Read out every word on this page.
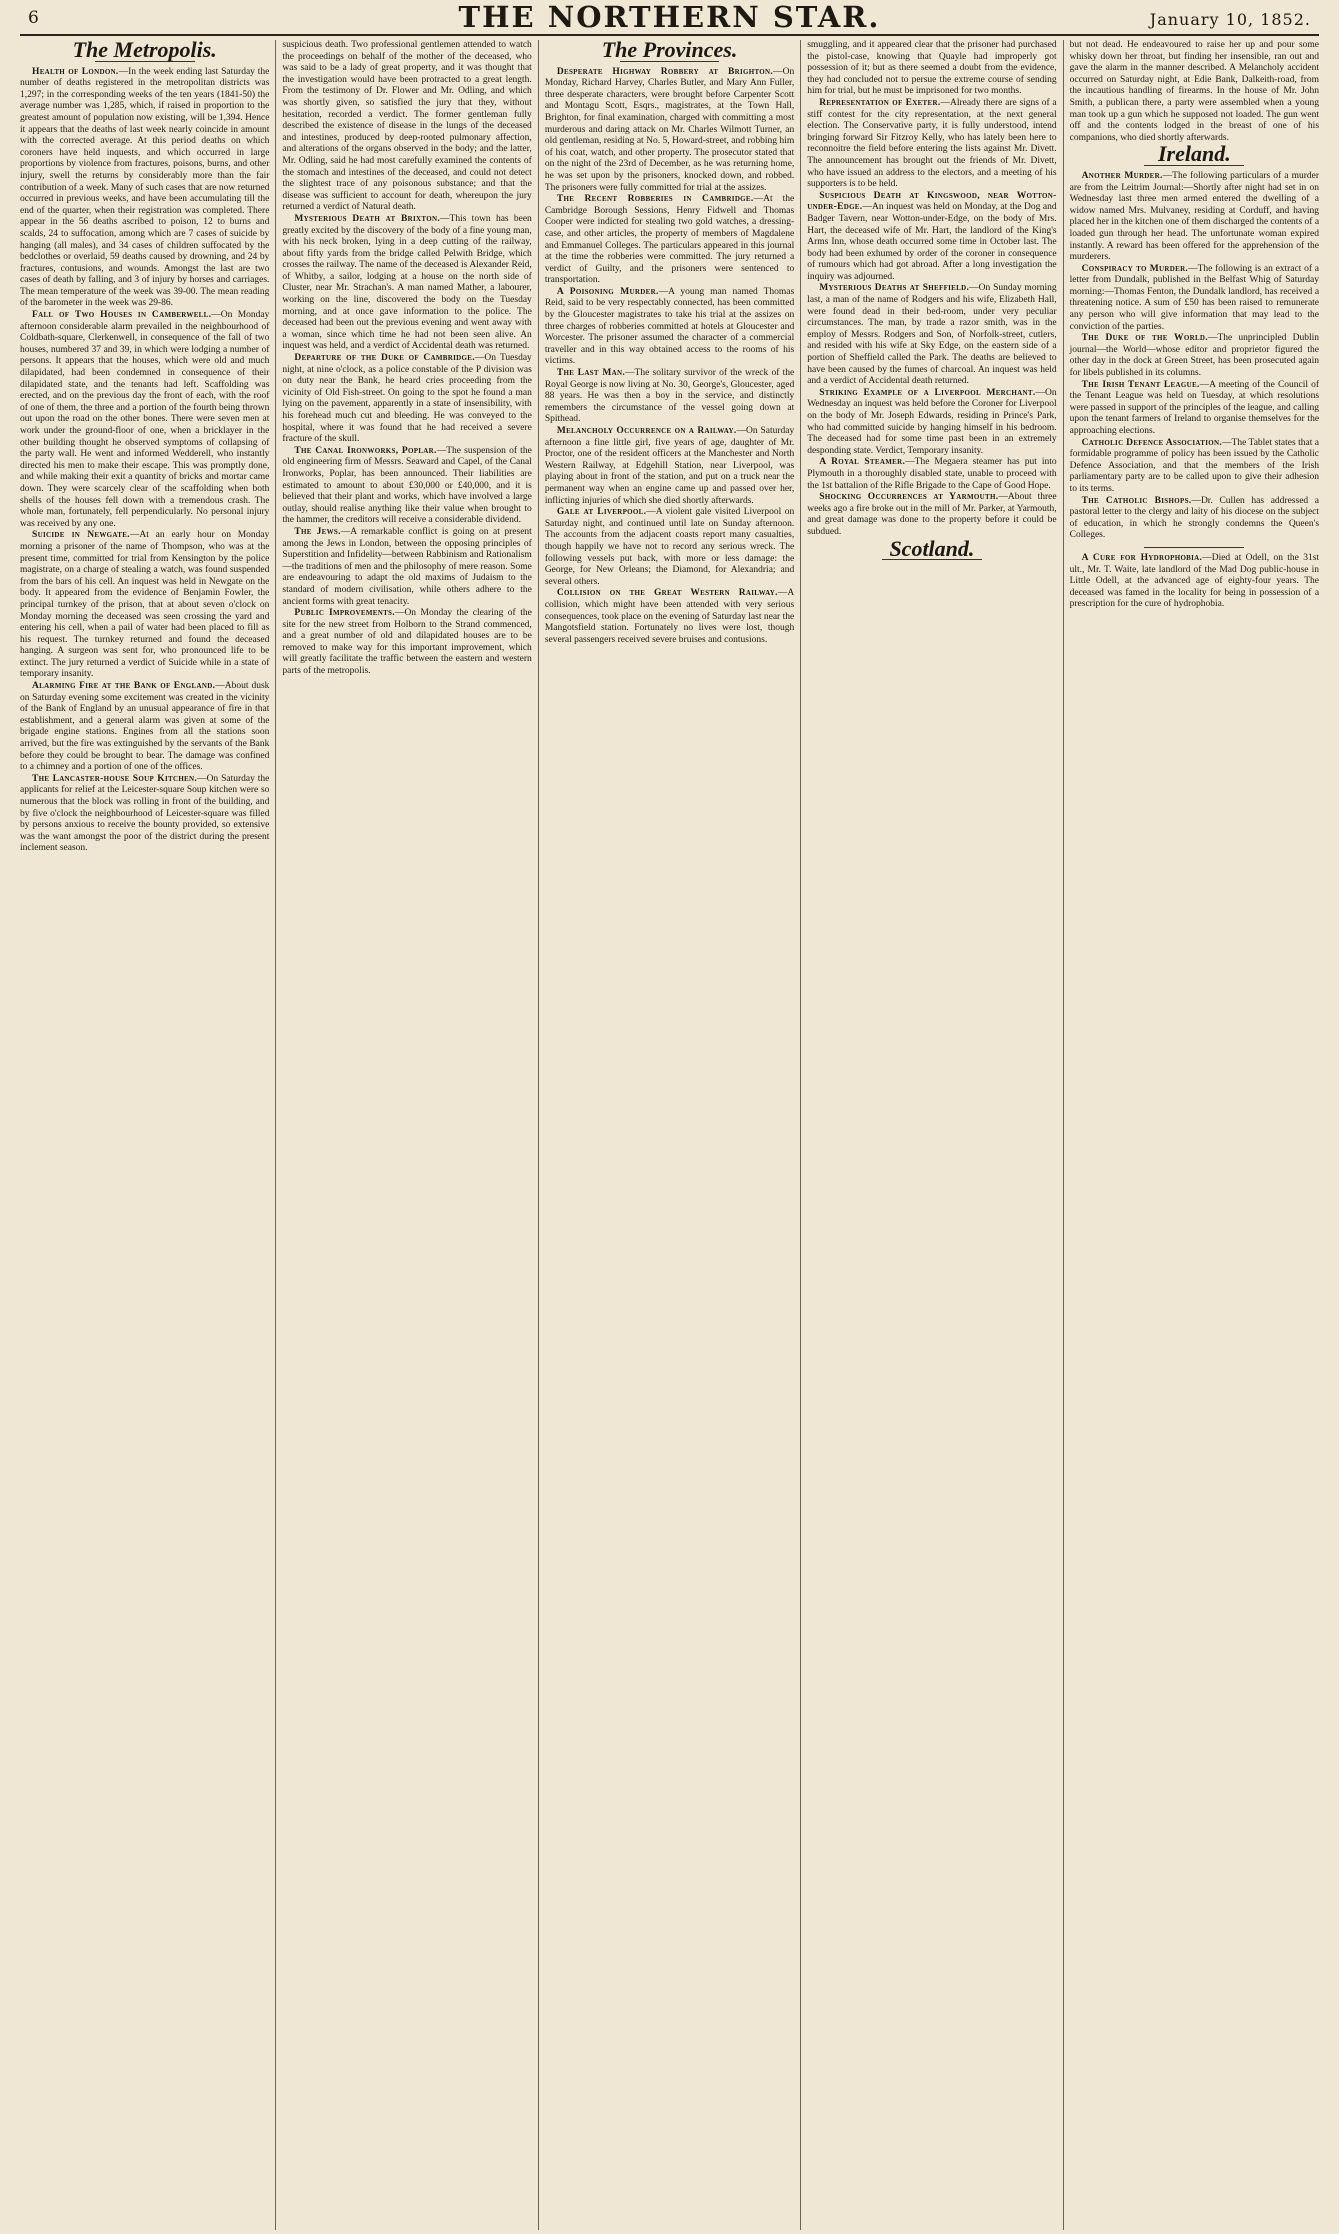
6	THE NORTHERN STAR.	January 10, 1852.
The Metropolis.

Health of London.—In the week ending last Saturday the number of deaths registered in the metropolitan districts was 1,297; in the corresponding weeks of the ten years (1841-50) the average number was 1,285, which, if raised in proportion to the greatest amount of population now existing, will be 1,394. Hence it appears that the deaths of last week nearly coincide in amount with the corrected average. At this period deaths on which coroners have held inquests, and which occurred in large proportions by violence from fractures, poisons, burns, and other injury, swell the returns by considerably more than the fair contribution of a week. Many of such cases that are now returned occurred in previous weeks, and have been accumulating till the end of the quarter, when their registration was completed. There appear in the 56 deaths ascribed to poison, 12 to burns and scalds, 24 to suffocation, among which are 7 cases of suicide by hanging (all males), and 34 cases of children suffocated by the bedclothes or overlaid, 59 deaths caused by drowning, and 24 by fractures, contusions, and wounds. Amongst the last are two cases of death by falling, and 3 of injury by horses and carriages. The mean temperature of the week was 39-00. The mean reading of the barometer in the week was 29-86.

Fall of Two Houses in Camberwell.—On Monday afternoon considerable alarm prevailed in the neighbourhood of Coldbath-square, Clerkenwell, in consequence of the fall of two houses, numbered 37 and 39, in which were lodging a number of persons. It appears that the houses, which were old and much dilapidated, had been condemned in consequence of their dilapidated state, and the tenants had left. Scaffolding was erected, and on the previous day the front of each, with the roof of one of them, the three and a portion of the fourth being thrown out upon the road on the other bones. There were seven men at work under the ground-floor of one, when a bricklayer in the other building thought he observed symptoms of collapsing of the party wall. He went and informed Wedderell, who instantly directed his men to make their escape. This was promptly done, and while making their exit a quantity of bricks and mortar came down. They were scarcely clear of the scaffolding when both shells of the houses fell down with a tremendous crash. The whole man, fortunately, fell perpendicularly. No personal injury was received by any one.

Suicide in Newgate.—At an early hour on Monday morning a prisoner of the name of Thompson, who was at the present time, committed for trial from Kensington by the police magistrate, on a charge of stealing a watch, was found suspended from the bars of his cell. An inquest was held in Newgate on the body. It appeared from the evidence of Benjamin Fowler, the principal turnkey of the prison, that at about seven o'clock on Monday morning the deceased was seen crossing the yard and entering his cell, when a pail of water had been placed to fill as his request. The turnkey returned and found the deceased hanging. A surgeon was sent for, who pronounced life to be extinct. The jury returned a verdict of Suicide while in a state of temporary insanity.

Alarming Fire at the Bank of England.—About dusk on Saturday evening some excitement was created in the vicinity of the Bank of England by an unusual appearance of fire in that establishment, and a general alarm was given at some of the brigade engine stations. Engines from all the stations soon arrived, but the fire was extinguished by the servants of the Bank before they could be brought to bear. The damage was confined to a chimney and a portion of one of the offices.

The Lancaster-house Soup Kitchen.—On Saturday the applicants for relief at the Leicester-square Soup kitchen were so numerous that the block was rolling in front of the building, and by five o'clock the neighbourhood of Leicester-square was filled by persons anxious to receive the bounty provided, so extensive was the want amongst the poor of the district during the present inclement season.

suspicious death. Two professional gentlemen attended to watch the proceedings on behalf of the mother of the deceased, who was said to be a lady of great property, and it was thought that the investigation would have been protracted to a great length. From the testimony of Dr. Flower and Mr. Odling, and which was shortly given, so satisfied the jury that they, without hesitation, recorded a verdict. The former gentleman fully described the existence of disease in the lungs of the deceased and intestines, produced by deep-rooted pulmonary affection, and alterations of the organs observed in the body; and the latter, Mr. Odling, said he had most carefully examined the contents of the stomach and intestines of the deceased, and could not detect the slightest trace of any poisonous substance; and that the disease was sufficient to account for death, whereupon the jury returned a verdict of Natural death.

Mysterious Death at Brixton.—This town has been greatly excited by the discovery of the body of a fine young man, with his neck broken, lying in a deep cutting of the railway, about fifty yards from the bridge called Pelwith Bridge, which crosses the railway. The name of the deceased is Alexander Reid, of Whitby, a sailor, lodging at a house on the north side of Cluster, near Mr. Strachan's. A man named Mather, a labourer, working on the line, discovered the body on the Tuesday morning, and at once gave information to the police. The deceased had been out the previous evening and went away with a woman, since which time he had not been seen alive. An inquest was held, and a verdict of Accidental death was returned.

Departure of the Duke of Cambridge.—On Tuesday night, at nine o'clock, as a police constable of the P division was on duty near the Bank, he heard cries proceeding from the vicinity of Old Fish-street. On going to the spot he found a man lying on the pavement, apparently in a state of insensibility, with his forehead much cut and bleeding. He was conveyed to the hospital, where it was found that he had received a severe fracture of the skull.

The Canal Ironworks, Poplar.—The suspension of the old engineering firm of Messrs. Seaward and Capel, of the Canal Ironworks, Poplar, has been announced. Their liabilities are estimated to amount to about £30,000 or £40,000, and it is believed that their plant and works, which have involved a large outlay, should realise anything like their value when brought to the hammer, the creditors will receive a considerable dividend.

The Jews.—A remarkable conflict is going on at present among the Jews in London, between the opposing principles of Superstition and Infidelity—between Rabbinism and Rationalism—the traditions of men and the philosophy of mere reason. Some are endeavouring to adapt the old maxims of Judaism to the standard of modern civilisation, while others adhere to the ancient forms with great tenacity.

Public Improvements.—On Monday the clearing of the site for the new street from Holborn to the Strand commenced, and a great number of old and dilapidated houses are to be removed to make way for this important improvement, which will greatly facilitate the traffic between the eastern and western parts of the metropolis.

The Provinces.

Desperate Highway Robbery at Brighton.—On Monday, Richard Harvey, Charles Butler, and Mary Ann Fuller, three desperate characters, were brought before Carpenter Scott and Montagu Scott, Esqrs., magistrates, at the Town Hall, Brighton, for final examination, charged with committing a most murderous and daring attack on Mr. Charles Wilmott Turner, an old gentleman, residing at No. 5, Howard-street, and robbing him of his coat, watch, and other property. The prosecutor stated that on the night of the 23rd of December, as he was returning home, he was set upon by the prisoners, knocked down, and robbed. The prisoners were fully committed for trial at the assizes.

The Recent Robberies in Cambridge.—At the Cambridge Borough Sessions, Henry Fidwell and Thomas Cooper were indicted for stealing two gold watches, a dressing-case, and other articles, the property of members of Magdalene and Emmanuel Colleges. The particulars appeared in this journal at the time the robberies were committed. The jury returned a verdict of Guilty, and the prisoners were sentenced to transportation.

A Poisoning Murder.—A young man named Thomas Reid, said to be very respectably connected, has been committed by the Gloucester magistrates to take his trial at the assizes on three charges of robberies committed at hotels at Gloucester and Worcester. The prisoner assumed the character of a commercial traveller and in this way obtained access to the rooms of his victims.

The Last Man.—The solitary survivor of the wreck of the Royal George is now living at No. 30, George's, Gloucester, aged 88 years. He was then a boy in the service, and distinctly remembers the circumstance of the vessel going down at Spithead.

Melancholy Occurrence on a Railway.—On Saturday afternoon a fine little girl, five years of age, daughter of Mr. Proctor, one of the resident officers at the Manchester and North Western Railway, at Edgehill Station, near Liverpool, was playing about in front of the station, and put on a truck near the permanent way when an engine came up and passed over her, inflicting injuries of which she died shortly afterwards.

Gale at Liverpool.—A violent gale visited Liverpool on Saturday night, and continued until late on Sunday afternoon. The accounts from the adjacent coasts report many casualties, though happily we have not to record any serious wreck. The following vessels put back, with more or less damage: the George, for New Orleans; the Diamond, for Alexandria; and several others.

Collision on the Great Western Railway.—A collision, which might have been attended with very serious consequences, took place on the evening of Saturday last near the Mangotsfield station. Fortunately no lives were lost, though several passengers received severe bruises and contusions.

smuggling, and it appeared clear that the prisoner had purchased the pistol-case, knowing that Quayle had improperly got possession of it; but as there seemed a doubt from the evidence, they had concluded not to persue the extreme course of sending him for trial, but he must be imprisoned for two months.

Representation of Exeter.—Already there are signs of a stiff contest for the city representation, at the next general election. The Conservative party, it is fully understood, intend bringing forward Sir Fitzroy Kelly, who has lately been here to reconnoitre the field before entering the lists against Mr. Divett. The announcement has brought out the friends of Mr. Divett, who have issued an address to the electors, and a meeting of his supporters is to be held.

Suspicious Death at Kingswood, near Wotton-under-Edge.—An inquest was held on Monday, at the Dog and Badger Tavern, near Wotton-under-Edge, on the body of Mrs. Hart, the deceased wife of Mr. Hart, the landlord of the King's Arms Inn, whose death occurred some time in October last. The body had been exhumed by order of the coroner in consequence of rumours which had got abroad. After a long investigation the inquiry was adjourned.

Mysterious Deaths at Sheffield.—On Sunday morning last, a man of the name of Rodgers and his wife, Elizabeth Hall, were found dead in their bed-room, under very peculiar circumstances. The man, by trade a razor smith, was in the employ of Messrs. Rodgers and Son, of Norfolk-street, cutlers, and resided with his wife at Sky Edge, on the eastern side of a portion of Sheffield called the Park. The deaths are believed to have been caused by the fumes of charcoal. An inquest was held and a verdict of Accidental death returned.

Striking Example of a Liverpool Merchant.—On Wednesday an inquest was held before the Coroner for Liverpool on the body of Mr. Joseph Edwards, residing in Prince's Park, who had committed suicide by hanging himself in his bedroom. The deceased had for some time past been in an extremely desponding state. Verdict, Temporary insanity.

A Royal Steamer.—The Megaera steamer has put into Plymouth in a thoroughly disabled state, unable to proceed with the 1st battalion of the Rifle Brigade to the Cape of Good Hope.

Shocking Occurrences at Yarmouth.—About three weeks ago a fire broke out in the mill of Mr. Parker, at Yarmouth, and great damage was done to the property before it could be subdued.

Scotland.

but not dead. He endeavoured to raise her up and pour some whisky down her throat, but finding her insensible, ran out and gave the alarm in the manner described. A Melancholy accident occurred on Saturday night, at Edie Bank, Dalkeith-road, from the incautious handling of firearms. In the house of Mr. John Smith, a publican there, a party were assembled when a young man took up a gun which he supposed not loaded. The gun went off and the contents lodged in the breast of one of his companions, who died shortly afterwards.

Ireland.

Another Murder.—The following particulars of a murder are from the Leitrim Journal:—Shortly after night had set in on Wednesday last three men armed entered the dwelling of a widow named Mrs. Mulvaney, residing at Corduff, and having placed her in the kitchen one of them discharged the contents of a loaded gun through her head. The unfortunate woman expired instantly. A reward has been offered for the apprehension of the murderers.

Conspiracy to Murder.—The following is an extract of a letter from Dundalk, published in the Belfast Whig of Saturday morning:—Thomas Fenton, the Dundalk landlord, has received a threatening notice. A sum of £50 has been raised to remunerate any person who will give information that may lead to the conviction of the parties.

The Duke of the World.—The unprincipled Dublin journal—the World—whose editor and proprietor figured the other day in the dock at Green Street, has been prosecuted again for libels published in its columns.

The Irish Tenant League.—A meeting of the Council of the Tenant League was held on Tuesday, at which resolutions were passed in support of the principles of the league, and calling upon the tenant farmers of Ireland to organise themselves for the approaching elections.

Catholic Defence Association.—The Tablet states that a formidable programme of policy has been issued by the Catholic Defence Association, and that the members of the Irish parliamentary party are to be called upon to give their adhesion to its terms.

The Catholic Bishops.—Dr. Cullen has addressed a pastoral letter to the clergy and laity of his diocese on the subject of education, in which he strongly condemns the Queen's Colleges.

A Cure for Hydrophobia.—Died at Odell, on the 31st ult., Mr. T. Waite, late landlord of the Mad Dog public-house in Little Odell, at the advanced age of eighty-four years. The deceased was famed in the locality for being in possession of a prescription for the cure of hydrophobia.
